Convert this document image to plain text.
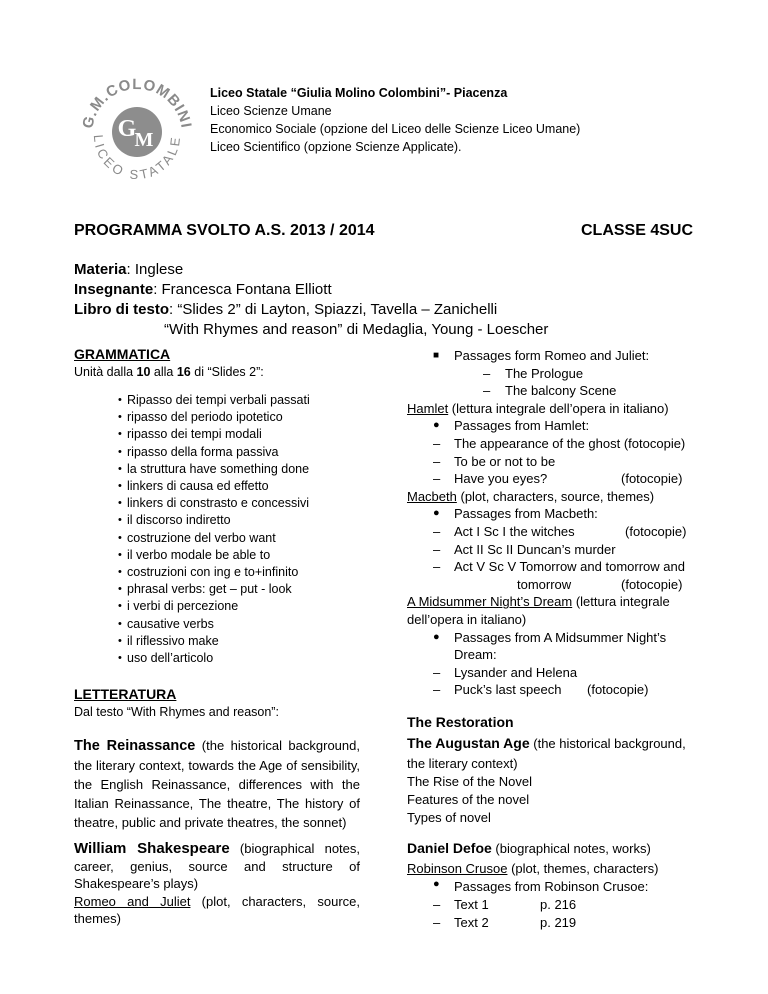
G.M.COLOMBINI
LICEO STATALE
G
M
Liceo Statale “Giulia Molino Colombini”- Piacenza
Liceo Scienze Umane
Economico Sociale (opzione del Liceo delle Scienze Liceo Umane)
Liceo Scientifico (opzione Scienze Applicate).
PROGRAMMA SVOLTO A.S. 2013 / 2014	CLASSE 4SUC
Materia: Inglese
Insegnante: Francesca Fontana Elliott
Libro di testo: “Slides 2” di Layton, Spiazzi, Tavella – Zanichelli
“With Rhymes and reason” di Medaglia, Young - Loescher
GRAMMATICA
Unità dalla 10 alla 16 di “Slides 2”:
• Ripasso dei tempi verbali passati
• ripasso del periodo ipotetico
• ripasso dei tempi modali
• ripasso della forma passiva
• la struttura have something done
• linkers di causa ed effetto
• linkers di constrasto e concessivi
• il discorso indiretto
• costruzione del verbo want
• il verbo modale be able to
• costruzioni con ing e to+infinito
• phrasal verbs: get – put - look
• i verbi di percezione
• causative verbs
• il riflessivo make
• uso dell’articolo
LETTERATURA
Dal testo “With Rhymes and reason”:
The Reinassance (the historical background, the literary context, towards the Age of sensibility, the English Reinassance, differences with the Italian Reinassance, The theatre, The history of theatre, public and private theatres, the sonnet)
William Shakespeare (biographical notes, career, genius, source and structure of Shakespeare’s plays)
Romeo and Juliet (plot, characters, source, themes)
■ Passages form Romeo and Juliet:
– The Prologue
– The balcony Scene
Hamlet (lettura integrale dell’opera in italiano)
● Passages from Hamlet:
– The appearance of the ghost (fotocopie)
– To be or not to be
– Have you eyes?	(fotocopie)
Macbeth (plot, characters, source, themes)
● Passages from Macbeth:
– Act I Sc I the witches	(fotocopie)
– Act II Sc II Duncan’s murder
– Act V Sc V Tomorrow and tomorrow and
tomorrow	(fotocopie)
A Midsummer Night’s Dream (lettura integrale
dell’opera in italiano)
● Passages from A Midsummer Night’s
Dream:
– Lysander and Helena
– Puck’s last speech (fotocopie)
The Restoration
The Augustan Age (the historical background,
the literary context)
The Rise of the Novel
Features of the novel
Types of novel
Daniel Defoe (biographical notes, works)
Robinson Crusoe (plot, themes, characters)
● Passages from Robinson Crusoe:
– Text 1	p. 216
– Text 2	p. 219
